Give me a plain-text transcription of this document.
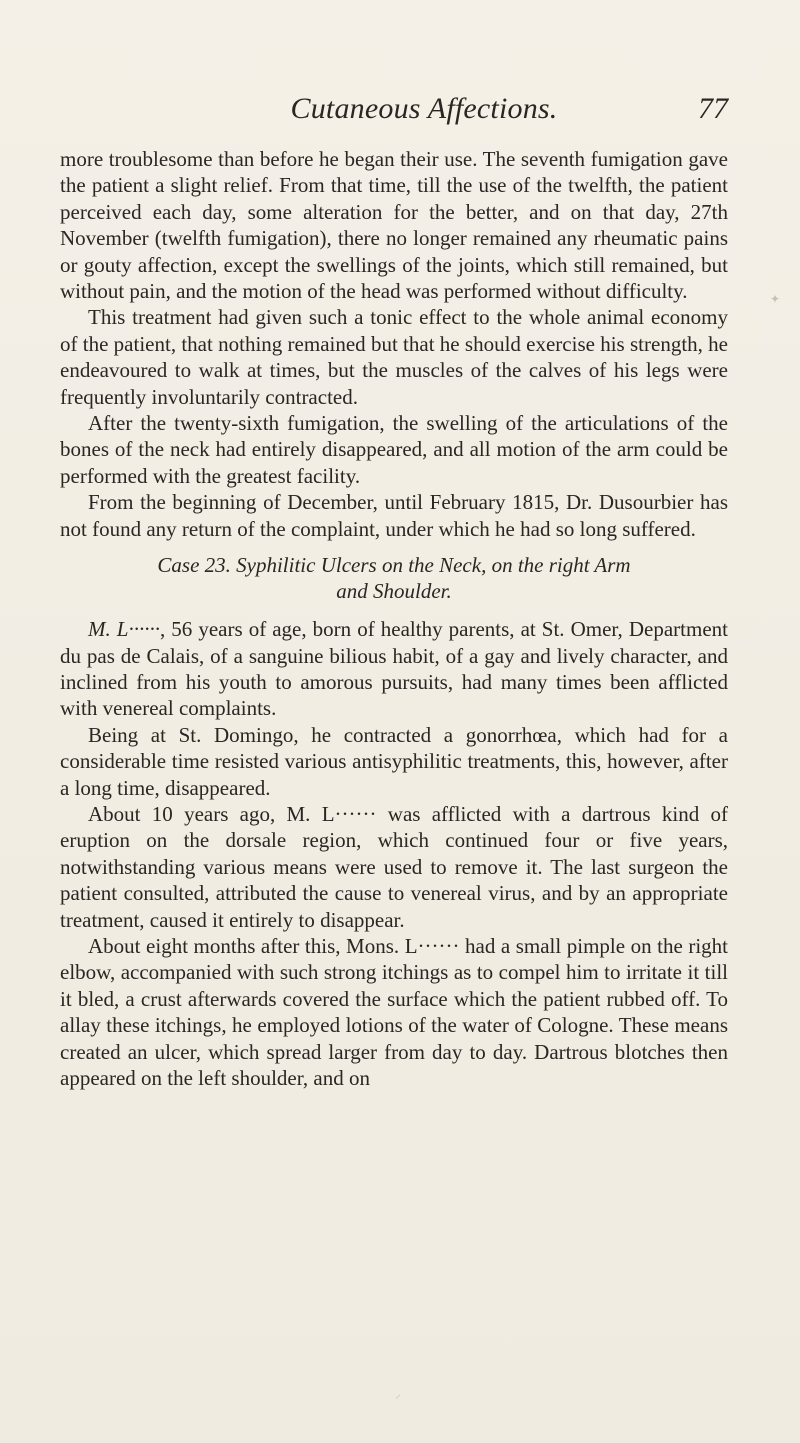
Cutaneous Affections.	77

more troublesome than before he began their use. The seventh fumigation gave the patient a slight relief. From that time, till the use of the twelfth, the patient perceived each day, some alteration for the better, and on that day, 27th November (twelfth fumigation), there no longer remained any rheumatic pains or gouty affection, except the swellings of the joints, which still remained, but without pain, and the motion of the head was performed without difficulty.

This treatment had given such a tonic effect to the whole animal economy of the patient, that nothing remained but that he should exercise his strength, he endeavoured to walk at times, but the muscles of the calves of his legs were frequently involuntarily contracted.

After the twenty-sixth fumigation, the swelling of the articulations of the bones of the neck had entirely disappeared, and all motion of the arm could be performed with the greatest facility.

From the beginning of December, until February 1815, Dr. Dusourbier has not found any return of the complaint, under which he had so long suffered.

Case 23. Syphilitic Ulcers on the Neck, on the right Arm
and Shoulder.

M. L······, 56 years of age, born of healthy parents, at St. Omer, Department du pas de Calais, of a sanguine bilious habit, of a gay and lively character, and inclined from his youth to amorous pursuits, had many times been afflicted with venereal complaints.

Being at St. Domingo, he contracted a gonorrhœa, which had for a considerable time resisted various antisyphilitic treatments, this, however, after a long time, disappeared.

About 10 years ago, M. L······ was afflicted with a dartrous kind of eruption on the dorsale region, which continued four or five years, notwithstanding various means were used to remove it. The last surgeon the patient consulted, attributed the cause to venereal virus, and by an appropriate treatment, caused it entirely to disappear.

About eight months after this, Mons. L······ had a small pimple on the right elbow, accompanied with such strong itchings as to compel him to irritate it till it bled, a crust afterwards covered the surface which the patient rubbed off. To allay these itchings, he employed lotions of the water of Cologne. These means created an ulcer, which spread larger from day to day. Dartrous blotches then appeared on the left shoulder, and on

✦
⸝
